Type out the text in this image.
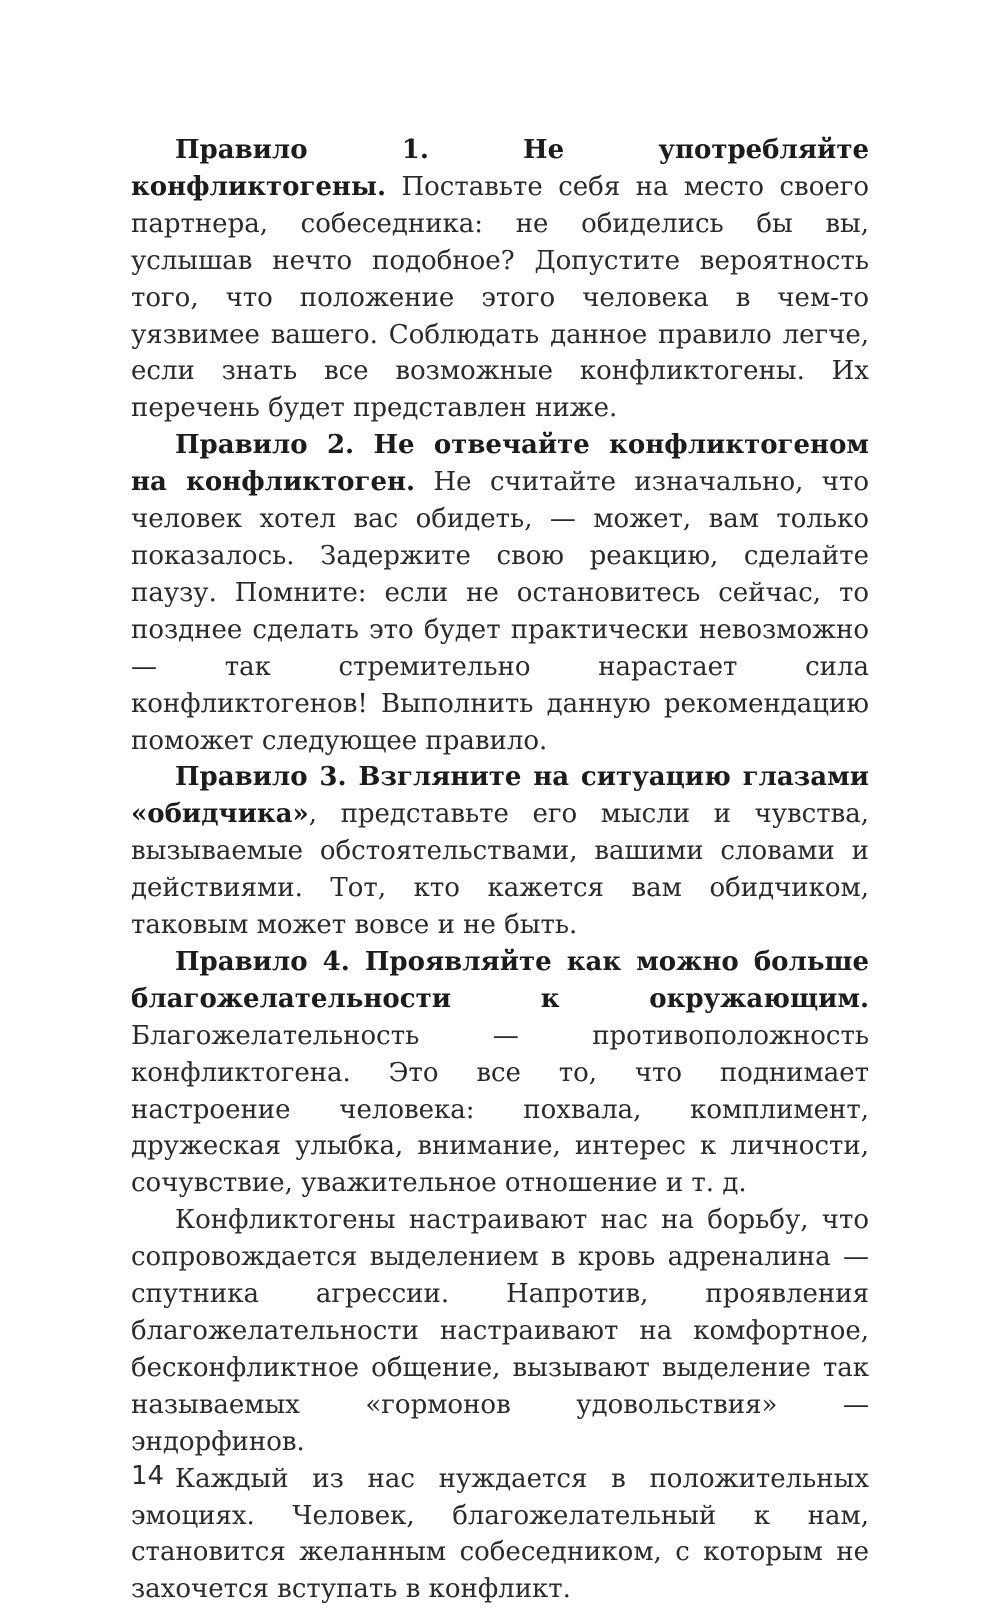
Правило 1. Не употребляйте конфликтогены. Поставьте себя на место своего партнера, собеседника: не обиделись бы вы, услышав нечто подобное? Допустите вероятность того, что положение этого человека в чем-то уязвимее вашего. Соблюдать данное правило легче, если знать все возможные конфликтогены. Их перечень будет представлен ниже.

Правило 2. Не отвечайте конфликтогеном на конфликтоген. Не считайте изначально, что человек хотел вас обидеть, — может, вам только показалось. Задержите свою реакцию, сделайте паузу. Помните: если не остановитесь сейчас, то позднее сделать это будет практически невозможно — так стремительно нарастает сила конфликтогенов! Выполнить данную рекомендацию поможет следующее правило.

Правило 3. Взгляните на ситуацию глазами «обидчика», представьте его мысли и чувства, вызываемые обстоятельствами, вашими словами и действиями. Тот, кто кажется вам обидчиком, таковым может вовсе и не быть.

Правило 4. Проявляйте как можно больше благожелательности к окружающим. Благожелательность — противоположность конфликтогена. Это все то, что поднимает настроение человека: похвала, комплимент, дружеская улыбка, внимание, интерес к личности, сочувствие, уважительное отношение и т. д.

Конфликтогены настраивают нас на борьбу, что сопровождается выделением в кровь адреналина — спутника агрессии. Напротив, проявления благожелательности настраивают на комфортное, бесконфликтное общение, вызывают выделение так называемых «гормонов удовольствия» — эндорфинов.

Каждый из нас нуждается в положительных эмоциях. Человек, благожелательный к нам, становится желанным собеседником, с которым не захочется вступать в конфликт.

14
